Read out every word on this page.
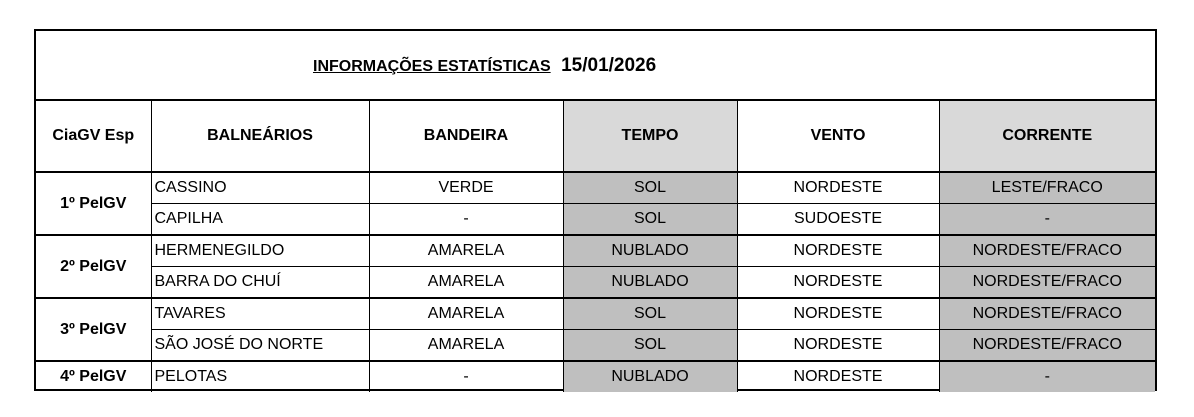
INFORMAÇÕES ESTATÍSTICAS 15/01/2026
CiaGV Esp	BALNEÁRIOS	BANDEIRA	TEMPO	VENTO	CORRENTE
1º PelGV	CASSINO	VERDE	SOL	NORDESTE	LESTE/FRACO
	CAPILHA	-	SOL	SUDOESTE	-
2º PelGV	HERMENEGILDO	AMARELA	NUBLADO	NORDESTE	NORDESTE/FRACO
	BARRA DO CHUÍ	AMARELA	NUBLADO	NORDESTE	NORDESTE/FRACO
3º PelGV	TAVARES	AMARELA	SOL	NORDESTE	NORDESTE/FRACO
	SÃO JOSÉ DO NORTE	AMARELA	SOL	NORDESTE	NORDESTE/FRACO
4º PelGV	PELOTAS	-	NUBLADO	NORDESTE	-
